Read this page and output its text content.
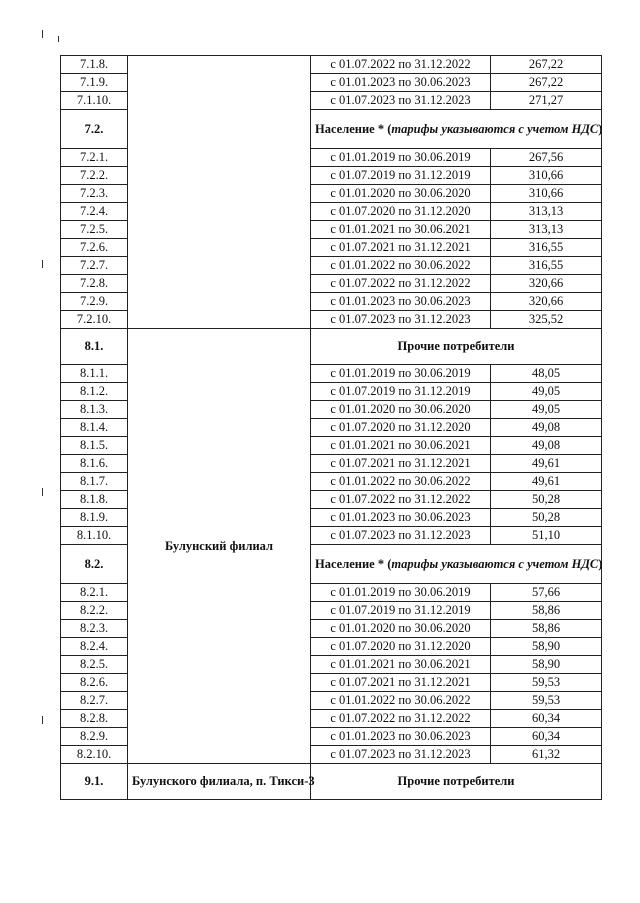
7.1.8.		с 01.07.2022 по 31.12.2022	267,22
7.1.9.		с 01.01.2023 по 30.06.2023	267,22
7.1.10.		с 01.07.2023 по 31.12.2023	271,27
7.2.		Население * (тарифы указываются с учетом НДС)	
7.2.1.		с 01.01.2019 по 30.06.2019	267,56
7.2.2.		с 01.07.2019 по 31.12.2019	310,66
7.2.3.		с 01.01.2020 по 30.06.2020	310,66
7.2.4.		с 01.07.2020 по 31.12.2020	313,13
7.2.5.		с 01.01.2021 по 30.06.2021	313,13
7.2.6.		с 01.07.2021 по 31.12.2021	316,55
7.2.7.		с 01.01.2022 по 30.06.2022	316,55
7.2.8.		с 01.07.2022 по 31.12.2022	320,66
7.2.9.		с 01.01.2023 по 30.06.2023	320,66
7.2.10.		с 01.07.2023 по 31.12.2023	325,52
8.1.	Булунский филиал	Прочие потребители	
8.1.1.		с 01.01.2019 по 30.06.2019	48,05
8.1.2.		с 01.07.2019 по 31.12.2019	49,05
8.1.3.		с 01.01.2020 по 30.06.2020	49,05
8.1.4.		с 01.07.2020 по 31.12.2020	49,08
8.1.5.		с 01.01.2021 по 30.06.2021	49,08
8.1.6.		с 01.07.2021 по 31.12.2021	49,61
8.1.7.		с 01.01.2022 по 30.06.2022	49,61
8.1.8.		с 01.07.2022 по 31.12.2022	50,28
8.1.9.		с 01.01.2023 по 30.06.2023	50,28
8.1.10.		с 01.07.2023 по 31.12.2023	51,10
8.2.		Население * (тарифы указываются с учетом НДС)	
8.2.1.		с 01.01.2019 по 30.06.2019	57,66
8.2.2.		с 01.07.2019 по 31.12.2019	58,86
8.2.3.		с 01.01.2020 по 30.06.2020	58,86
8.2.4.		с 01.07.2020 по 31.12.2020	58,90
8.2.5.		с 01.01.2021 по 30.06.2021	58,90
8.2.6.		с 01.07.2021 по 31.12.2021	59,53
8.2.7.		с 01.01.2022 по 30.06.2022	59,53
8.2.8.		с 01.07.2022 по 31.12.2022	60,34
8.2.9.		с 01.01.2023 по 30.06.2023	60,34
8.2.10.		с 01.07.2023 по 31.12.2023	61,32
9.1.	Булунского филиала, п. Тикси-3	Прочие потребители	
